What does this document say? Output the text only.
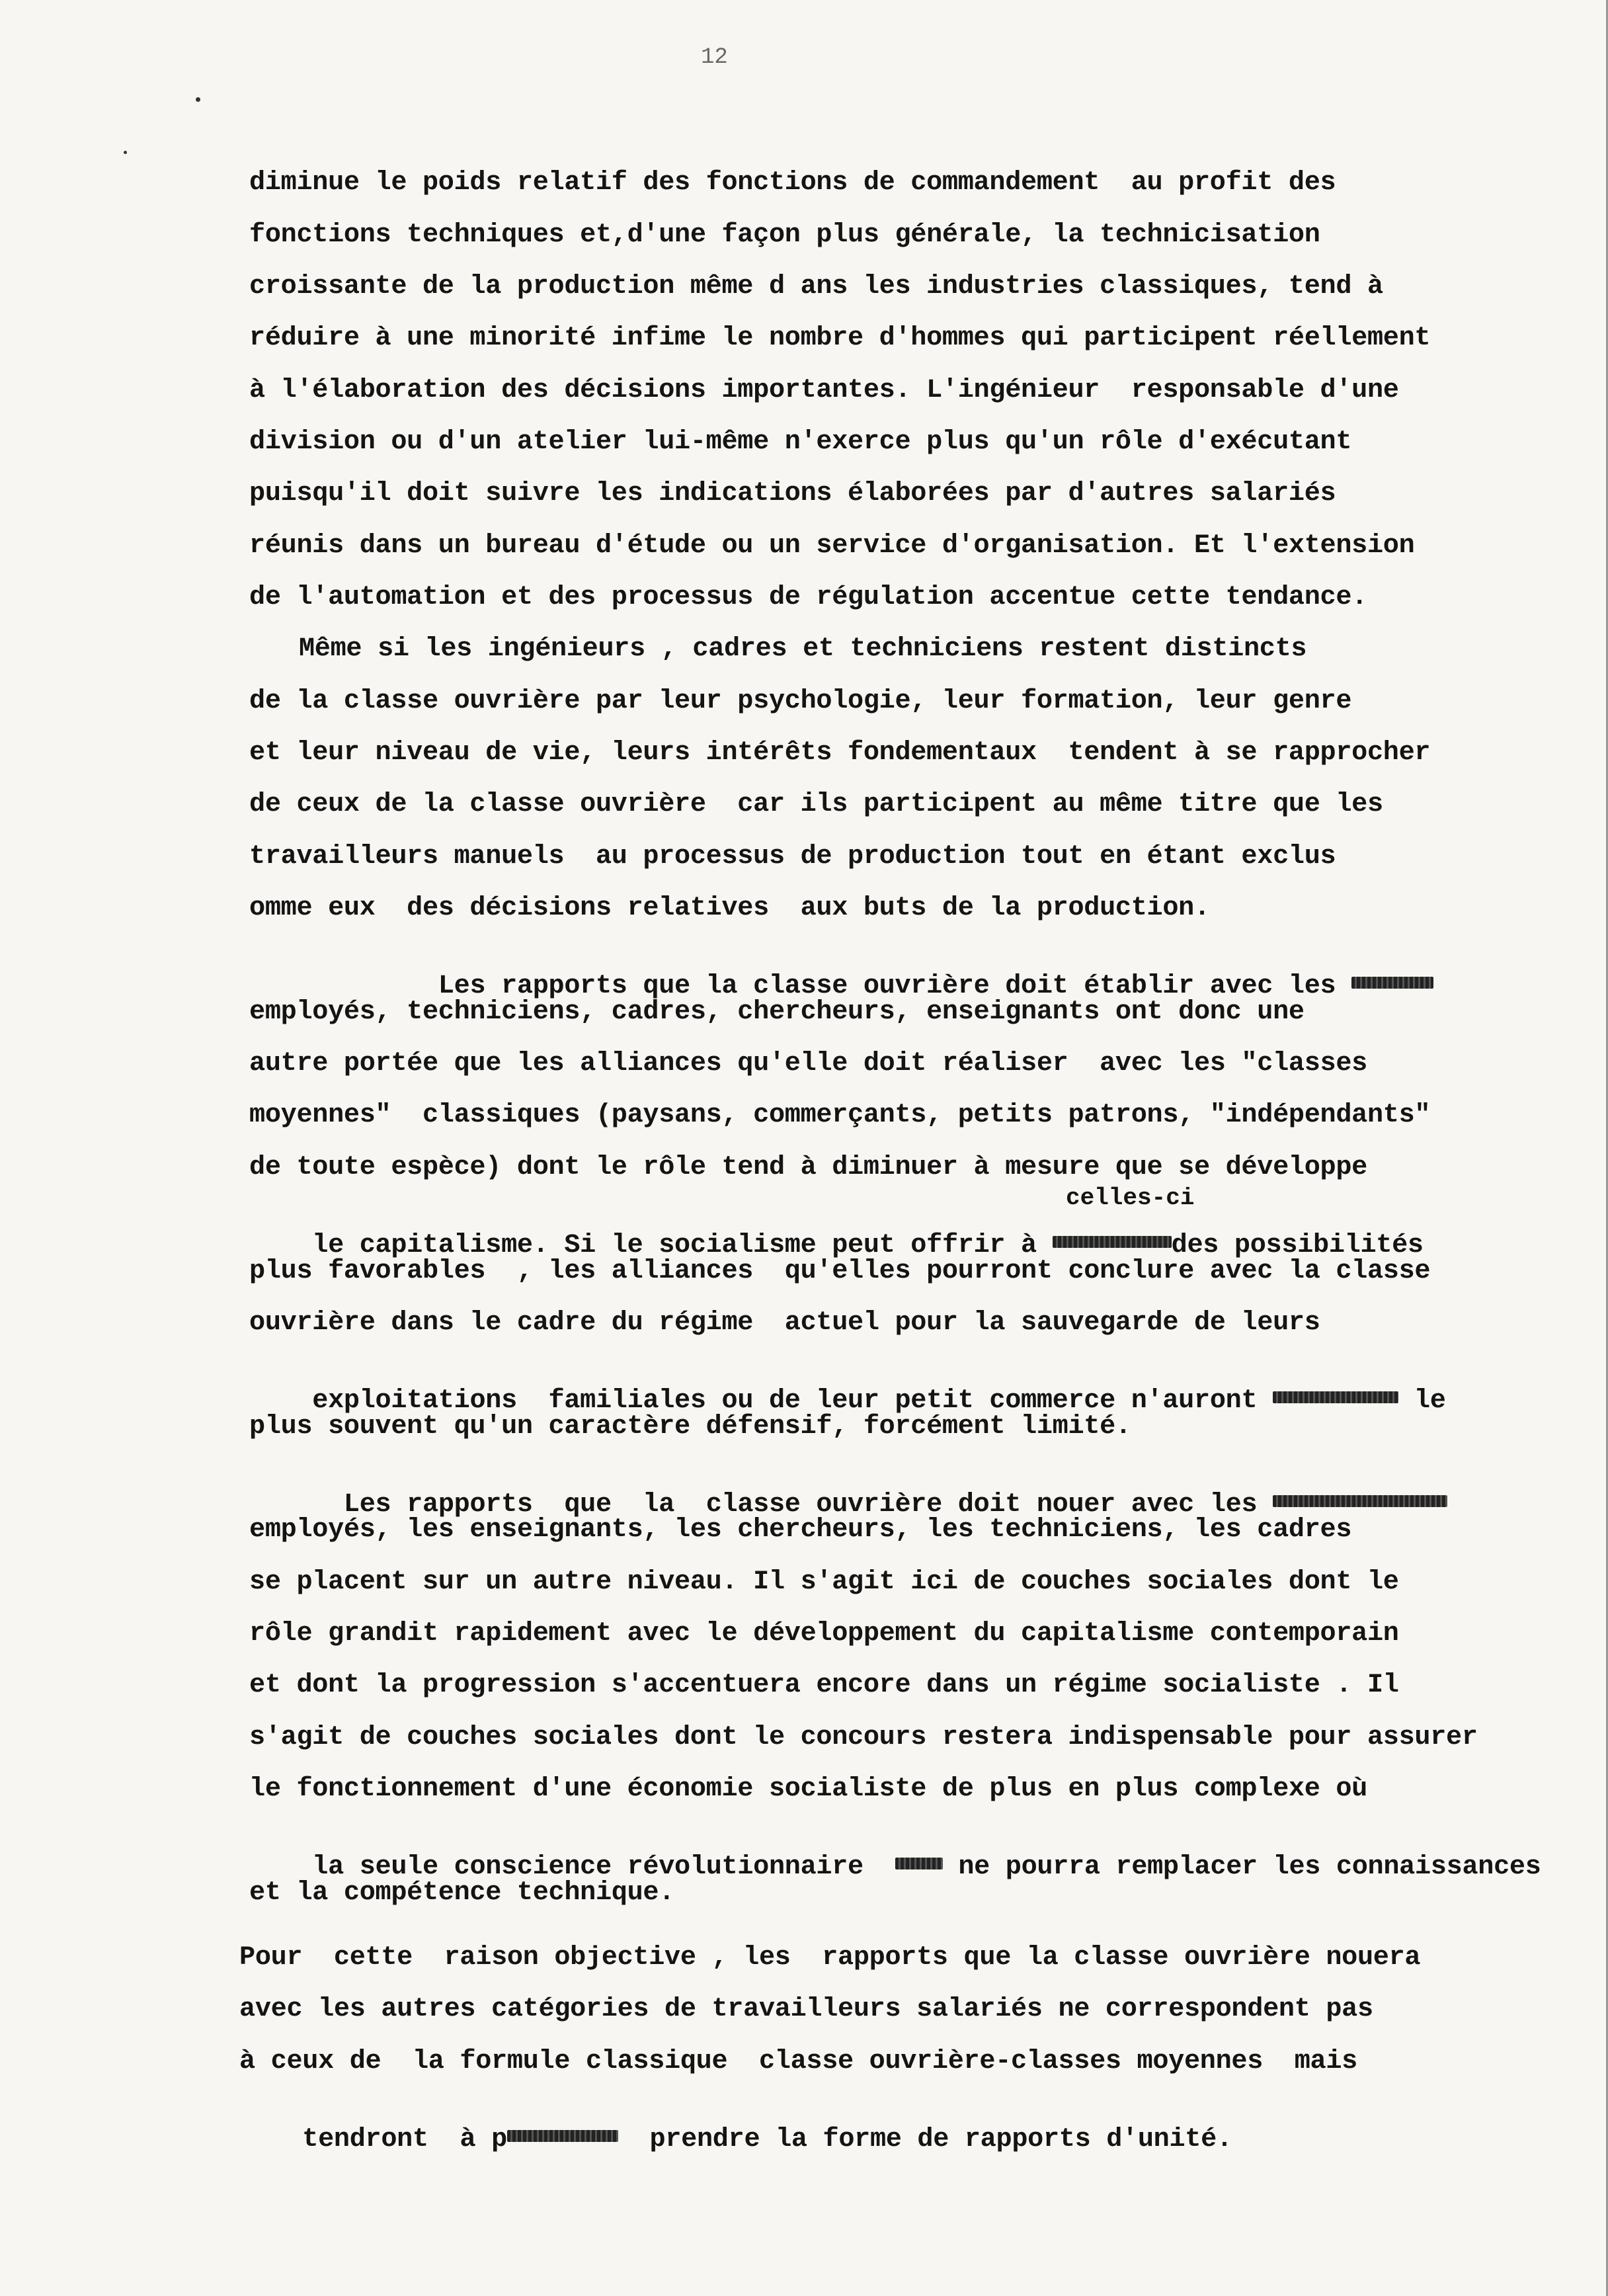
12
diminue le poids relatif des fonctions de commandement  au profit des
fonctions techniques et,d'une façon plus générale, la technicisation
croissante de la production même d ans les industries classiques, tend à
réduire à une minorité infime le nombre d'hommes qui participent réellement
à l'élaboration des décisions importantes. L'ingénieur  responsable d'une
division ou d'un atelier lui-même n'exerce plus qu'un rôle d'exécutant
puisqu'il doit suivre les indications élaborées par d'autres salariés
réunis dans un bureau d'étude ou un service d'organisation. Et l'extension
de l'automation et des processus de régulation accentue cette tendance.
Même si les ingénieurs , cadres et techniciens restent distincts
de la classe ouvrière par leur psychologie, leur formation, leur genre
et leur niveau de vie, leurs intérêts fondementaux  tendent à se rapprocher
de ceux de la classe ouvrière  car ils participent au même titre que les
travailleurs manuels  au processus de production tout en étant exclus
omme eux  des décisions relatives  aux buts de la production.

Les rapports que la classe ouvrière doit établir avec les

employés, techniciens, cadres, chercheurs, enseignants ont donc une
autre portée que les alliances qu'elle doit réaliser  avec les "classes
moyennes"  classiques (paysans, commerçants, petits patrons, "indépendants"
de toute espèce) dont le rôle tend à diminuer à mesure que se développe
celles-ci

le capitalisme. Si le socialisme peut offrir à	des possibilités

plus favorables  , les alliances  qu'elles pourront conclure avec la classe
ouvrière dans le cadre du régime  actuel pour la sauvegarde de leurs

exploitations  familiales ou de leur petit commerce n'auront	le

plus souvent qu'un caractère défensif, forcément limité.

Les rapports  que  la  classe ouvrière doit nouer avec les

employés, les enseignants, les chercheurs, les techniciens, les cadres
se placent sur un autre niveau. Il s'agit ici de couches sociales dont le
rôle grandit rapidement avec le développement du capitalisme contemporain
et dont la progression s'accentuera encore dans un régime socialiste . Il
s'agit de couches sociales dont le concours restera indispensable pour assurer
le fonctionnement d'une économie socialiste de plus en plus complexe où

la seule conscience révolutionnaire   ne pourra remplacer les connaissances

et la compétence technique.
Pour  cette  raison objective , les  rapports que la classe ouvrière nouera
avec les autres catégories de travailleurs salariés ne correspondent pas
à ceux de  la formule classique  classe ouvrière-classes moyennes  mais

tendront  à p	prendre la forme de rapports d'unité.
